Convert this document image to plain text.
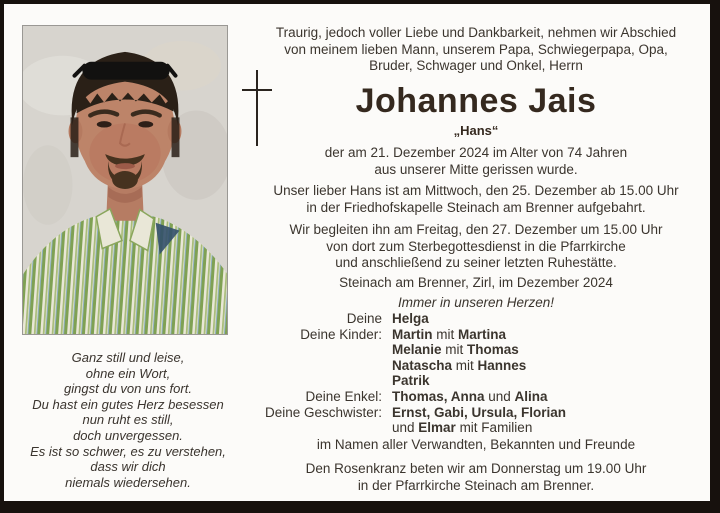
Ganz still und leise,
ohne ein Wort,
gingst du von uns fort.
Du hast ein gutes Herz besessen
nun ruht es still,
doch unvergessen.
Es ist so schwer, es zu verstehen,
dass wir dich
niemals wiedersehen.
Traurig, jedoch voller Liebe und Dankbarkeit, nehmen wir Abschied
von meinem lieben Mann, unserem Papa, Schwiegerpapa, Opa,
Bruder, Schwager und Onkel, Herrn
Johannes Jais
„Hans“
der am 21. Dezember 2024 im Alter von 74 Jahren
aus unserer Mitte gerissen wurde.
Unser lieber Hans ist am Mittwoch, den 25. Dezember ab 15.00 Uhr
in der Friedhofskapelle Steinach am Brenner aufgebahrt.
Wir begleiten ihn am Freitag, den 27. Dezember um 15.00 Uhr
von dort zum Sterbegottesdienst in die Pfarrkirche
und anschließend zu seiner letzten Ruhestätte.
Steinach am Brenner, Zirl, im Dezember 2024
Immer in unseren Herzen!
Deine Helga
Deine Kinder: Martin mit Martina
Melanie mit Thomas
Natascha mit Hannes
Patrik
Deine Enkel: Thomas, Anna und Alina
Deine Geschwister: Ernst, Gabi, Ursula, Florian
und Elmar mit Familien
im Namen aller Verwandten, Bekannten und Freunde
Den Rosenkranz beten wir am Donnerstag um 19.00 Uhr
in der Pfarrkirche Steinach am Brenner.
